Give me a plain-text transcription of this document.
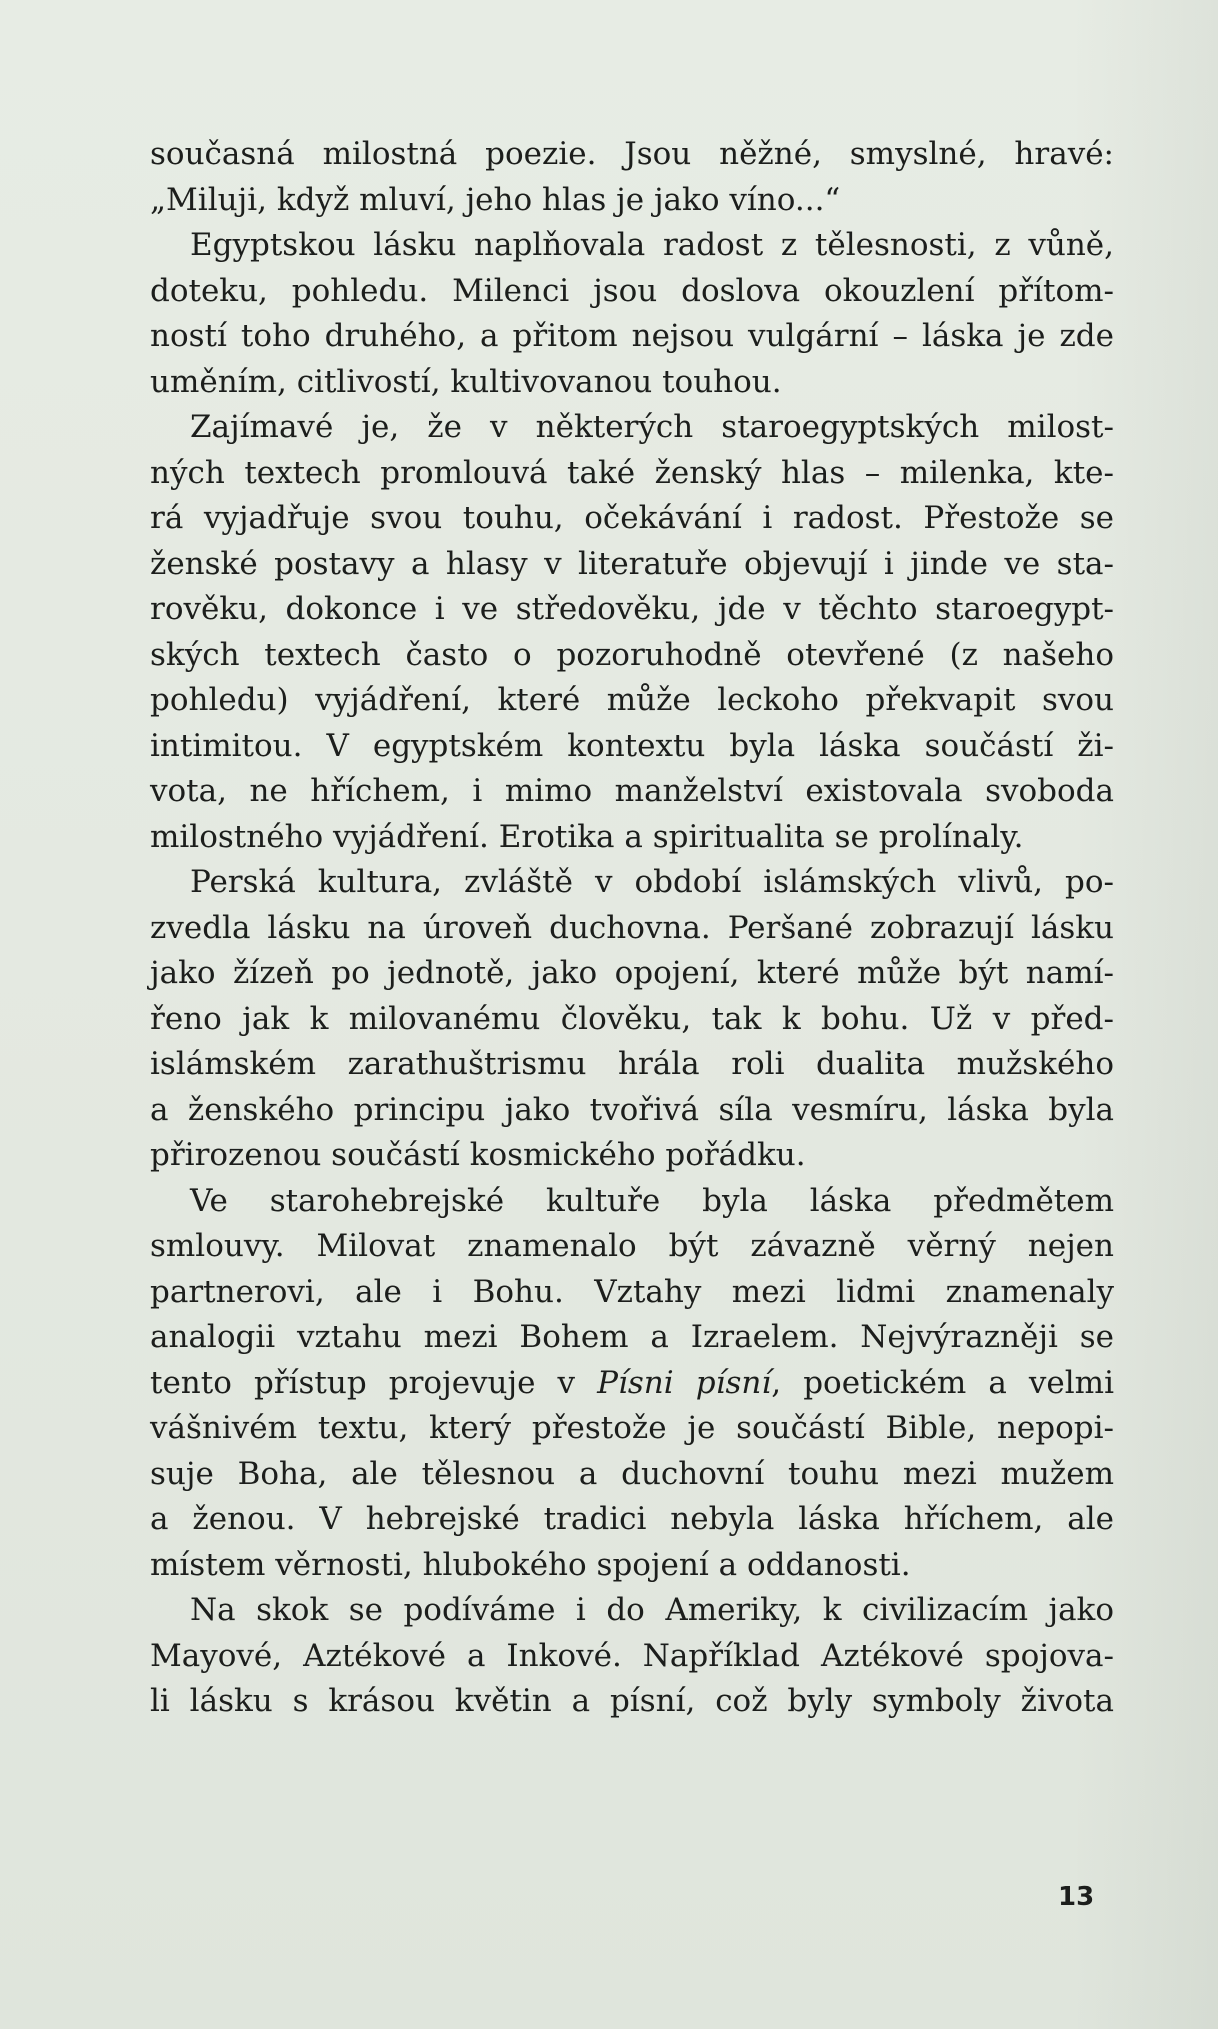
současná milostná poezie. Jsou něžné, smyslné, hravé:
„Miluji, když mluví, jeho hlas je jako víno...“
Egyptskou lásku naplňovala radost z tělesnosti, z vůně,
doteku, pohledu. Milenci jsou doslova okouzlení přítom-
ností toho druhého, a přitom nejsou vulgární – láska je zde
uměním, citlivostí, kultivovanou touhou.
Zajímavé je, že v některých staroegyptských milost-
ných textech promlouvá také ženský hlas – milenka, kte-
rá vyjadřuje svou touhu, očekávání i radost. Přestože se
ženské postavy a hlasy v literatuře objevují i jinde ve sta-
rověku, dokonce i ve středověku, jde v těchto staroegypt-
ských textech často o pozoruhodně otevřené (z našeho
pohledu) vyjádření, které může leckoho překvapit svou
intimitou. V egyptském kontextu byla láska součástí ži-
vota, ne hříchem, i mimo manželství existovala svoboda
milostného vyjádření. Erotika a spiritualita se prolínaly.
Perská kultura, zvláště v období islámských vlivů, po-
zvedla lásku na úroveň duchovna. Peršané zobrazují lásku
jako žízeň po jednotě, jako opojení, které může být namí-
řeno jak k milovanému člověku, tak k bohu. Už v před-
islámském zarathuštrismu hrála roli dualita mužského
a ženského principu jako tvořivá síla vesmíru, láska byla
přirozenou součástí kosmického pořádku.
Ve starohebrejské kultuře byla láska předmětem
smlouvy. Milovat znamenalo být závazně věrný nejen
partnerovi, ale i Bohu. Vztahy mezi lidmi znamenaly
analogii vztahu mezi Bohem a Izraelem. Nejvýrazněji se
tento přístup projevuje v Písni písní, poetickém a velmi
vášnivém textu, který přestože je součástí Bible, nepopi-
suje Boha, ale tělesnou a duchovní touhu mezi mužem
a ženou. V hebrejské tradici nebyla láska hříchem, ale
místem věrnosti, hlubokého spojení a oddanosti.
Na skok se podíváme i do Ameriky, k civilizacím jako
Mayové, Aztékové a Inkové. Například Aztékové spojova-
li lásku s krásou květin a písní, což byly symboly života
13
